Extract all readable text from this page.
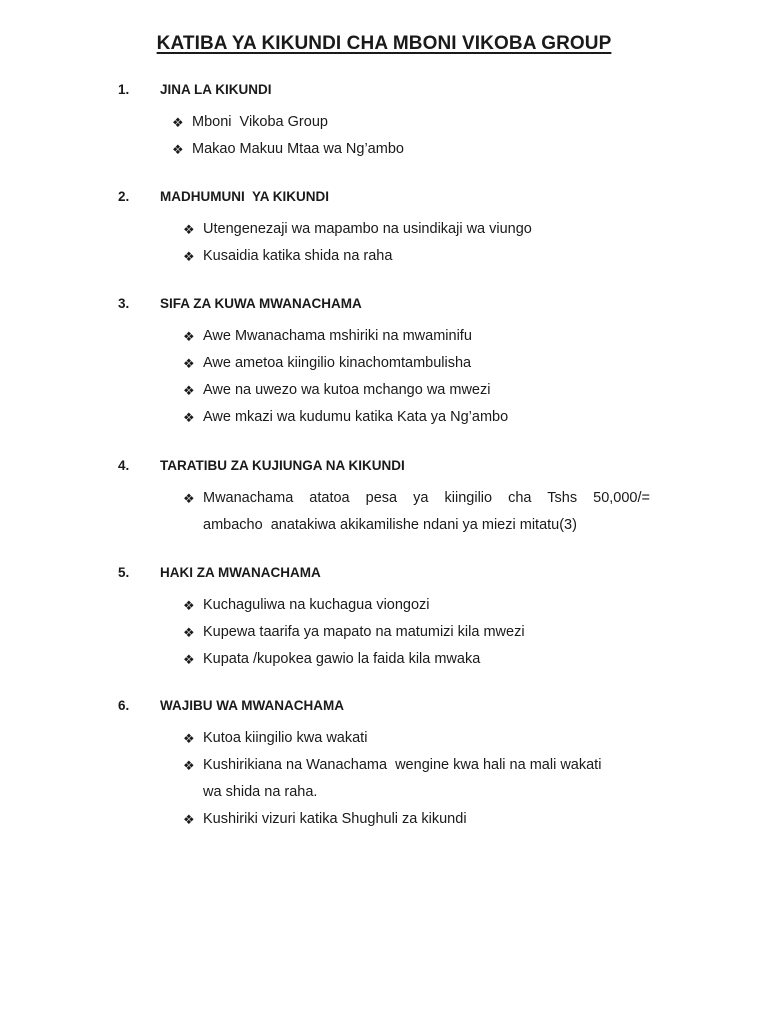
KATIBA YA KIKUNDI CHA MBONI VIKOBA GROUP
1. JINA LA KIKUNDI
❖ Mboni  Vikoba Group
❖ Makao Makuu Mtaa wa Ng’ambo
2. MADHUMUNI  YA KIKUNDI
❖ Utengenezaji wa mapambo na usindikaji wa viungo
❖ Kusaidia katika shida na raha
3. SIFA ZA KUWA MWANACHAMA
❖ Awe Mwanachama mshiriki na mwaminifu
❖ Awe ametoa kiingilio kinachomtambulisha
❖ Awe na uwezo wa kutoa mchango wa mwezi
❖ Awe mkazi wa kudumu katika Kata ya Ng’ambo
4. TARATIBU ZA KUJIUNGA NA KIKUNDI
❖ Mwanachama atatoa pesa ya kiingilio cha Tshs 50,000/=
ambacho  anatakiwa akikamilishe ndani ya miezi mitatu(3)
5. HAKI ZA MWANACHAMA
❖ Kuchaguliwa na kuchagua viongozi
❖ Kupewa taarifa ya mapato na matumizi kila mwezi
❖ Kupata /kupokea gawio la faida kila mwaka
6. WAJIBU WA MWANACHAMA
❖ Kutoa kiingilio kwa wakati
❖ Kushirikiana na Wanachama  wengine kwa hali na mali wakati
wa shida na raha.
❖ Kushiriki vizuri katika Shughuli za kikundi
